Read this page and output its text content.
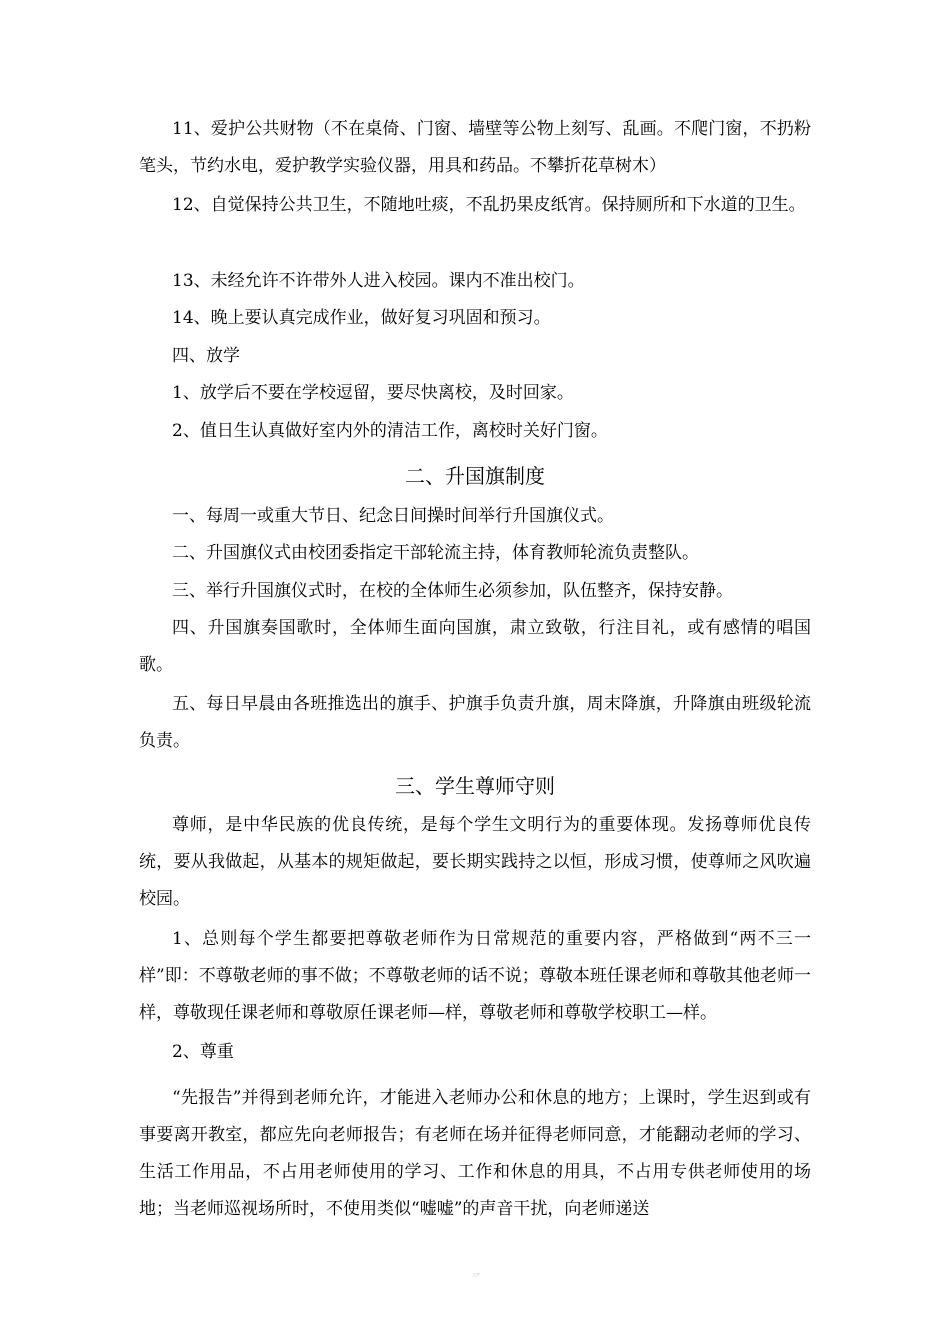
11、爱护公共财物（不在桌倚、门窗、墙壁等公物上刻写、乱画。不爬门窗，不扔粉笔头，节约水电，爱护教学实验仪器，用具和药品。不攀折花草树木）

12、自觉保持公共卫生，不随地吐痰，不乱扔果皮纸宵。保持厕所和下水道的卫生。

13、未经允许不许带外人进入校园。课内不准出校门。

14、晚上要认真完成作业，做好复习巩固和预习。

四、放学

1、放学后不要在学校逗留，要尽快离校，及时回家。

2、值日生认真做好室内外的清洁工作，离校时关好门窗。

二、升国旗制度

一、每周一或重大节日、纪念日间操时间举行升国旗仪式。

二、升国旗仪式由校团委指定干部轮流主持，体育教师轮流负责整队。

三、举行升国旗仪式时，在校的全体师生必须参加，队伍整齐，保持安静。

四、升国旗奏国歌时，全体师生面向国旗，肃立致敬，行注目礼，或有感情的唱国歌。

五、每日早晨由各班推选出的旗手、护旗手负责升旗，周末降旗，升降旗由班级轮流负责。

三、学生尊师守则

尊师，是中华民族的优良传统，是每个学生文明行为的重要体现。发扬尊师优良传统，要从我做起，从基本的规矩做起，要长期实践持之以恒，形成习惯，使尊师之风吹遍校园。

1、总则每个学生都要把尊敬老师作为日常规范的重要内容，严格做到“两不三一样”即：不尊敬老师的事不做；不尊敬老师的话不说；尊敬本班任课老师和尊敬其他老师一样，尊敬现任课老师和尊敬原任课老师—样，尊敬老师和尊敬学校职工—样。

2、尊重

“先报告”并得到老师允许，才能进入老师办公和休息的地方；上课时，学生迟到或有事要离开教室，都应先向老师报告；有老师在场并征得老师同意，才能翻动老师的学习、生活工作用品，不占用老师使用的学习、工作和休息的用具，不占用专供老师使用的场地；当老师巡视场所时，不使用类似“嘘嘘”的声音干扰，向老师递送

文库
